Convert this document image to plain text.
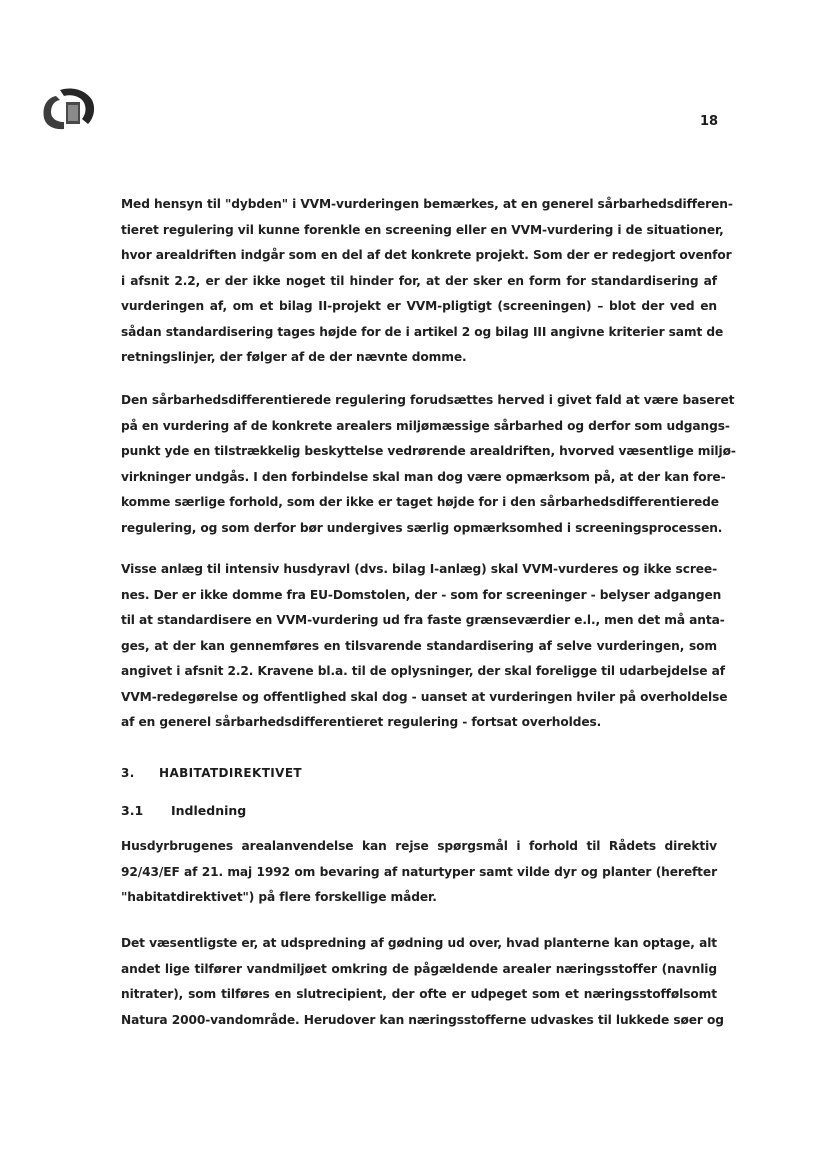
18

Med hensyn til "dybden" i VVM-vurderingen bemærkes, at en generel sårbarhedsdifferen-
tieret regulering vil kunne forenkle en screening eller en VVM-vurdering i de situationer,
hvor arealdriften indgår som en del af det konkrete projekt. Som der er redegjort ovenfor
i afsnit 2.2, er der ikke noget til hinder for, at der sker en form for standardisering af
vurderingen af, om et bilag II-projekt er VVM-pligtigt (screeningen) – blot der ved en
sådan standardisering tages højde for de i artikel 2 og bilag III angivne kriterier samt de
retningslinjer, der følger af de der nævnte domme.

Den sårbarhedsdifferentierede regulering forudsættes herved i givet fald at være baseret
på en vurdering af de konkrete arealers miljømæssige sårbarhed og derfor som udgangs-
punkt yde en tilstrækkelig beskyttelse vedrørende arealdriften, hvorved væsentlige miljø-
virkninger undgås. I den forbindelse skal man dog være opmærksom på, at der kan fore-
komme særlige forhold, som der ikke er taget højde for i den sårbarhedsdifferentierede
regulering, og som derfor bør undergives særlig opmærksomhed i screeningsprocessen.

Visse anlæg til intensiv husdyravl (dvs. bilag I-anlæg) skal VVM-vurderes og ikke scree-
nes. Der er ikke domme fra EU-Domstolen, der - som for screeninger - belyser adgangen
til at standardisere en VVM-vurdering ud fra faste grænseværdier e.l., men det må anta-
ges, at der kan gennemføres en tilsvarende standardisering af selve vurderingen, som
angivet i afsnit 2.2. Kravene bl.a. til de oplysninger, der skal foreligge til udarbejdelse af
VVM-redegørelse og offentlighed skal dog - uanset at vurderingen hviler på overholdelse
af en generel sårbarhedsdifferentieret regulering - fortsat overholdes.

3. HABITATDIREKTIVET
3.1 Indledning

Husdyrbrugenes arealanvendelse kan rejse spørgsmål i forhold til Rådets direktiv
92/43/EF af 21. maj 1992 om bevaring af naturtyper samt vilde dyr og planter (herefter
"habitatdirektivet") på flere forskellige måder.

Det væsentligste er, at udspredning af gødning ud over, hvad planterne kan optage, alt
andet lige tilfører vandmiljøet omkring de pågældende arealer næringsstoffer (navnlig
nitrater), som tilføres en slutrecipient, der ofte er udpeget som et næringsstoffølsomt
Natura 2000-vandområde. Herudover kan næringsstofferne udvaskes til lukkede søer og
